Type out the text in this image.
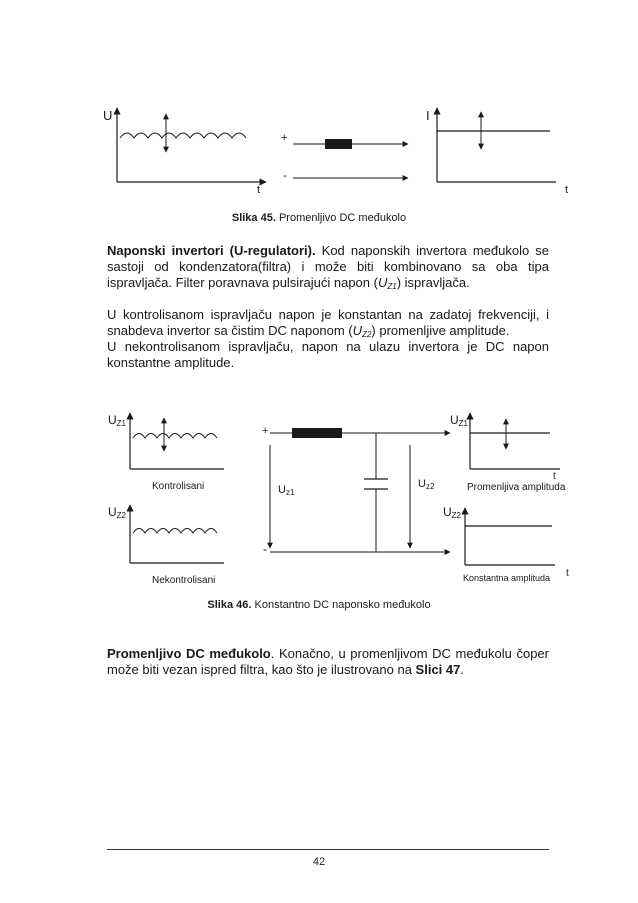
U
t
+
-
I
t
Slika 45. Promenljivo DC međukolo
Naponski invertori (U-regulatori). Kod naponskih invertora međukolo se sastoji od kondenzatora(filtra) i može biti kombinovano sa oba tipa ispravljača. Filter poravnava pulsirajući napon $(U_{Z1})$ ispravljača.
U kontrolisanom ispravljaču napon je konstantan na zadatoj frekvenciji, i snabdeva invertor sa čistim DC naponom $(U_{Z2})$ promenljive amplitude.
U nekontrolisanom ispravljaču, napon na ulazu invertora je DC napon konstantne amplitude.
UZ1
Kontrolisani
UZ2
Nekontrolisani
+
-
Uz1
Uz2
UZ1
t
Promenljiva amplituda
UZ2
t
Konstantna amplituda
Slika 46. Konstantno DC naponsko međukolo
Promenljivo DC međukolo. Konačno, u promenljivom DC međukolu čoper može biti vezan ispred filtra, kao što je ilustrovano na Slici 47.
42
